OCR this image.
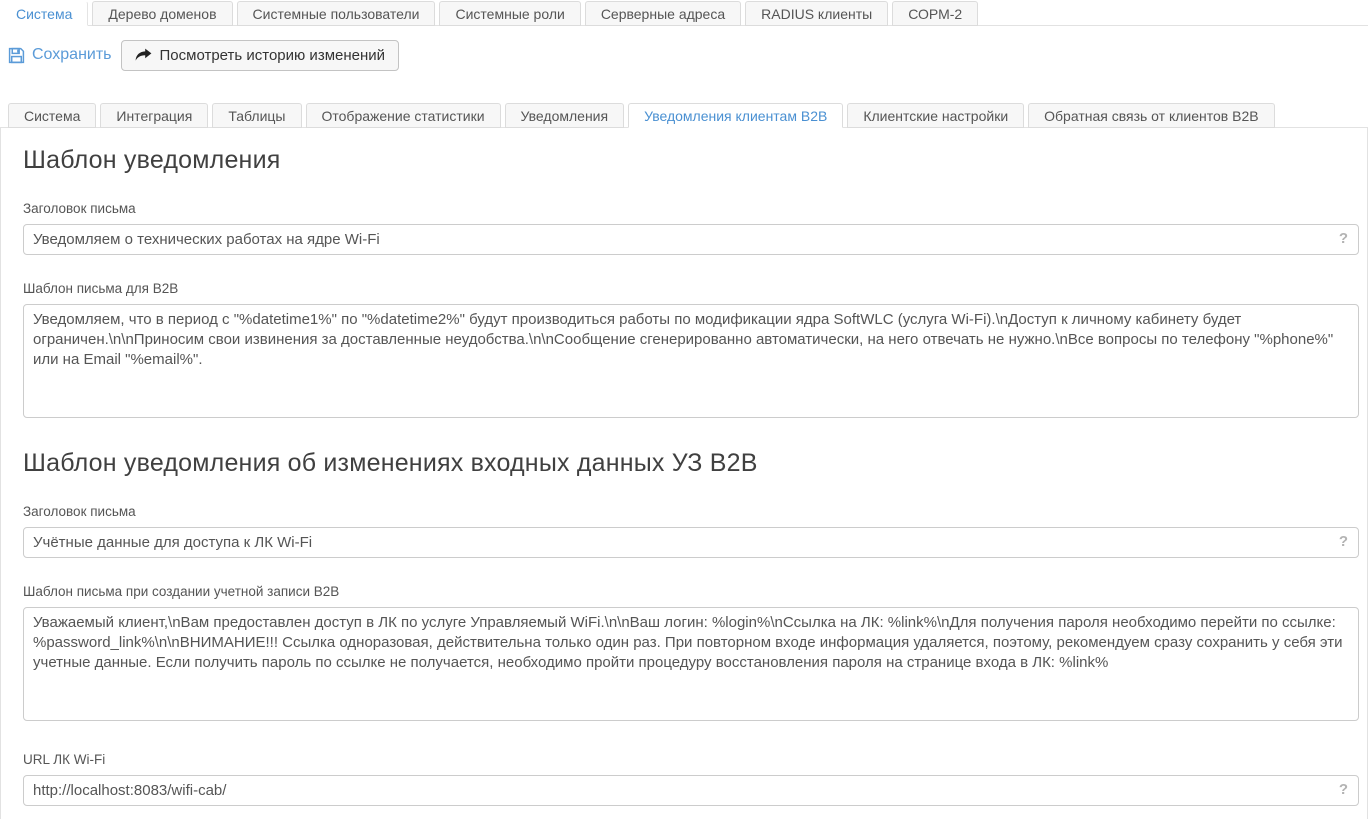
Система	Дерево доменов	Системные пользователи	Системные роли	Серверные адреса	RADIUS клиенты	СОРМ-2
Сохранить	Посмотреть историю изменений
Система	Интеграция	Таблицы	Отображение статистики	Уведомления	Уведомления клиентам B2B	Клиентские настройки	Обратная связь от клиентов B2B
Шаблон уведомления
Заголовок письма
Уведомляем о технических работах на ядре Wi-Fi
?
Шаблон письма для B2B
Уведомляем, что в период с "%datetime1%" по "%datetime2%" будут производиться работы по модификации ядра SoftWLC (услуга Wi-Fi).\nДоступ к личному кабинету будет ограничен.\n\nПриносим свои извинения за доставленные неудобства.\n\nСообщение сгенерированно автоматически, на него отвечать не нужно.\nВсе вопросы по телефону "%phone%" или на Email "%email%".
Шаблон уведомления об изменениях входных данных УЗ B2B
Заголовок письма
Учётные данные для доступа к ЛК Wi-Fi
?
Шаблон письма при создании учетной записи B2B
Уважаемый клиент,\nВам предоставлен доступ в ЛК по услуге Управляемый WiFi.\n\nВаш логин: %login%\nСсылка на ЛК: %link%\nДля получения пароля необходимо перейти по ссылке: %password_link%\n\nВНИМАНИЕ!!! Ссылка одноразовая, действительна только один раз. При повторном входе информация удаляется, поэтому, рекомендуем сразу сохранить у себя эти учетные данные. Если получить пароль по ссылке не получается, необходимо пройти процедуру восстановления пароля на странице входа в ЛК: %link%
URL ЛК Wi-Fi
http://localhost:8083/wifi-cab/
?
